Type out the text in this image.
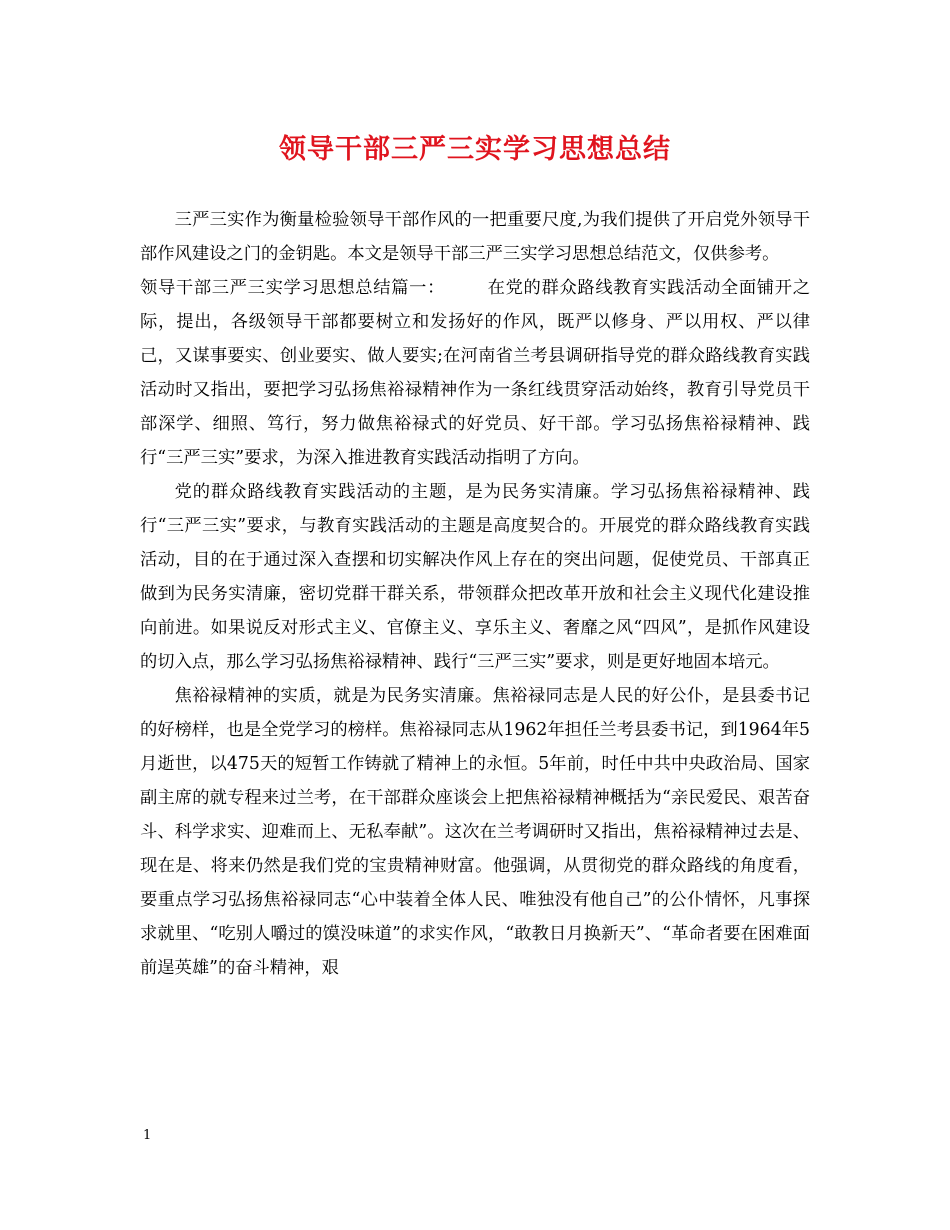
领导干部三严三实学习思想总结

三严三实作为衡量检验领导干部作风的一把重要尺度,为我们提供了开启党外领导干部作风建设之门的金钥匙。本文是领导干部三严三实学习思想总结范文，仅供参考。

领导干部三严三实学习思想总结篇一： 在党的群众路线教育实践活动全面铺开之际，提出，各级领导干部都要树立和发扬好的作风，既严以修身、严以用权、严以律己，又谋事要实、创业要实、做人要实;在河南省兰考县调研指导党的群众路线教育实践活动时又指出，要把学习弘扬焦裕禄精神作为一条红线贯穿活动始终，教育引导党员干部深学、细照、笃行，努力做焦裕禄式的好党员、好干部。学习弘扬焦裕禄精神、践行“三严三实”要求，为深入推进教育实践活动指明了方向。

党的群众路线教育实践活动的主题，是为民务实清廉。学习弘扬焦裕禄精神、践行“三严三实”要求，与教育实践活动的主题是高度契合的。开展党的群众路线教育实践活动，目的在于通过深入查摆和切实解决作风上存在的突出问题，促使党员、干部真正做到为民务实清廉，密切党群干群关系，带领群众把改革开放和社会主义现代化建设推向前进。如果说反对形式主义、官僚主义、享乐主义、奢靡之风“四风”，是抓作风建设的切入点，那么学习弘扬焦裕禄精神、践行“三严三实”要求，则是更好地固本培元。

焦裕禄精神的实质，就是为民务实清廉。焦裕禄同志是人民的好公仆，是县委书记的好榜样，也是全党学习的榜样。焦裕禄同志从1962年担任兰考县委书记，到1964年5月逝世，以475天的短暂工作铸就了精神上的永恒。5年前，时任中共中央政治局、国家副主席的就专程来过兰考，在干部群众座谈会上把焦裕禄精神概括为“亲民爱民、艰苦奋斗、科学求实、迎难而上、无私奉献”。这次在兰考调研时又指出，焦裕禄精神过去是、现在是、将来仍然是我们党的宝贵精神财富。他强调，从贯彻党的群众路线的角度看，要重点学习弘扬焦裕禄同志“心中装着全体人民、唯独没有他自己”的公仆情怀，凡事探求就里、“吃别人嚼过的馍没味道”的求实作风，“敢教日月换新天”、“革命者要在困难面前逞英雄”的奋斗精神，艰

1
